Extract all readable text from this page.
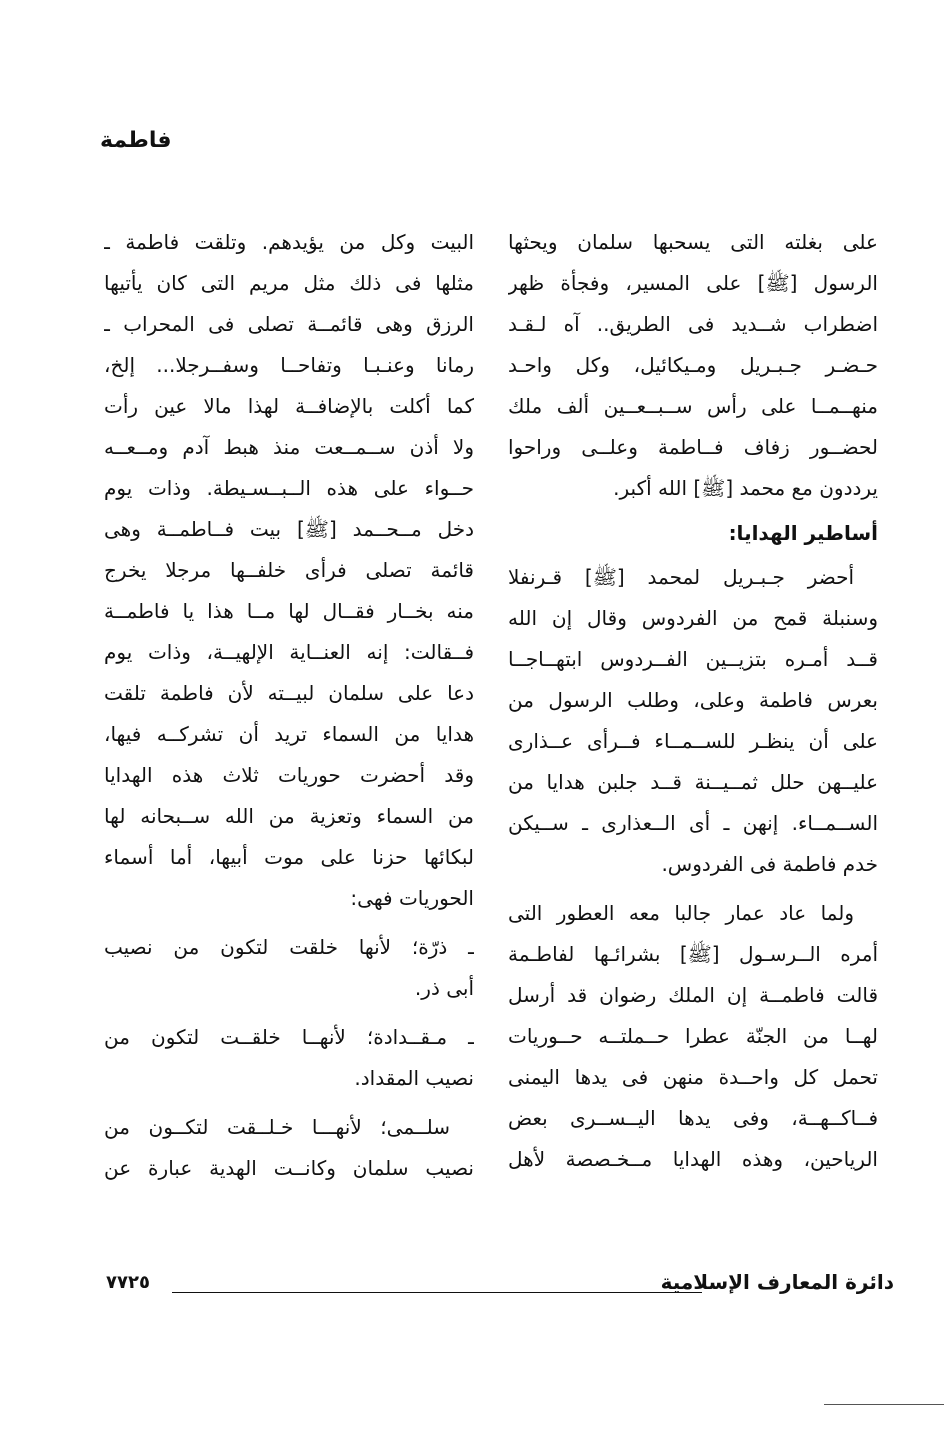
فاطمة
على بغلته التى يسحبها سلمان ويحثها
الرسول [ﷺ] على المسير، وفجأة ظهر
اضطراب شــديد فى الطريق.. آه لـقـد
حـضـر جـبـريل ومـيكائيل، وكل واحـد
منهــمــا على رأس ســبــعــين ألف ملك
لحضــور زفاف فــاطمة وعلــى وراحوا
يرددون مع محمد [ﷺ] الله أكبر.
أساطير الهدايا:
أحضر جـبـريل لمحمد [ﷺ] قـرنفلا
وسنبلة قمح من الفردوس وقال إن الله
قــد أمـره بتزيــين الفــردوس ابتهــاجــا
بعرس فاطمة وعلى، وطلب الرسول من
على أن ينظـر للســمــاء فــرأى عــذارى
عليــهن حلل ثمــيــنة قــد جلبن هدايا من
الســمــاء. إنهن ـ أى الــعذارى ـ ســيكن
خدم فاطمة فى الفردوس.
ولما عاد عمار جالبا معه العطور التى
أمره الــرسـول [ﷺ] بشرائـها لفاطـمة
قالت فاطمــة إن الملك رضوان قد أرسل
لهــا من الجنّة عطرا حــملتــه حــوريات
تحمل كل واحــدة منهن فى يدها اليمنى
فــاكــهــة، وفى يدها اليــســرى بعض
الرياحين، وهذه الهدايا مــخـصصة لأهل
البيت وكل من يؤيدهم. وتلقت فاطمة ـ
مثلها فى ذلك مثل مريم التى كان يأتيها
الرزق وهى قائمــة تصلى فى المحراب ـ
رمانا وعنـبـا وتفاحــا وسفــرجلا... إلخ،
كما أكلت بالإضافــة لهذا مالا عين رأت
ولا أذن ســمــعت منذ هبط آدم ومــعــه
حــواء على هذه الــبــسـيطة. وذات يوم
دخل مــحــمد [ﷺ] بيت فــاطمــة وهى
قائمة تصلى فرأى خلفــها مرجلا يخرج
منه بخــار فقــال لها مــا هذا يا فاطمــة
فــقالت: إنه العنــاية الإلهيــة، وذات يوم
دعا على سلمان لبيــته لأن فاطمة تلقت
هدايا من السماء تريد أن تشركــه فيها،
وقد أحضرت حوريات ثلاث هذه الهدايا
من السماء وتعزية من الله ســبحانه لها
لبكائها حزنا على موت أبيها، أما أسماء
الحوريات فهى:
ـ ذرّة؛ لأنها خلقت لتكون من نصيب
أبى ذر.
ـ مـقــدادة؛ لأنهــا خلقــت لتكون من
نصيب المقداد.
سلــمى؛ لأنهـــا خـلــقت لتكــون من
نصيب سلمان وكانــت الهدية عبارة عن
دائرة المعارف الإسلامية
٧٧٢٥
